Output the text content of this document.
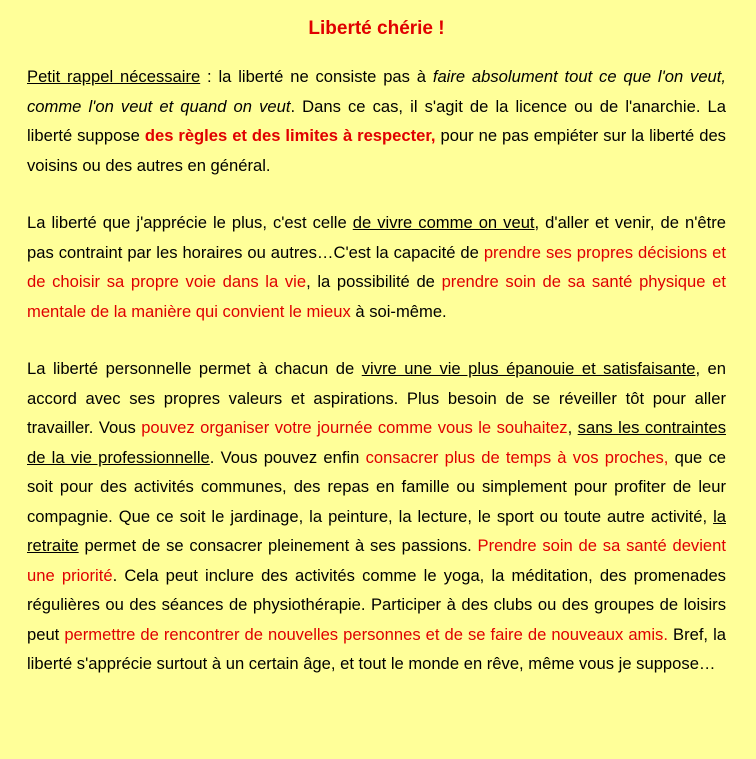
Liberté chérie !

Petit rappel nécessaire : la liberté ne consiste pas à faire absolument tout ce que l'on veut, comme l'on veut et quand on veut. Dans ce cas, il s'agit de la licence ou de l'anarchie. La liberté suppose des règles et des limites à respecter, pour ne pas empiéter sur la liberté des voisins ou des autres en général.

La liberté que j'apprécie le plus, c'est celle de vivre comme on veut, d'aller et venir, de n'être pas contraint par les horaires ou autres…C'est la capacité de prendre ses propres décisions et de choisir sa propre voie dans la vie, la possibilité de prendre soin de sa santé physique et mentale de la manière qui convient le mieux à soi-même.

La liberté personnelle permet à chacun de vivre une vie plus épanouie et satisfaisante, en accord avec ses propres valeurs et aspirations. Plus besoin de se réveiller tôt pour aller travailler. Vous pouvez organiser votre journée comme vous le souhaitez, sans les contraintes de la vie professionnelle. Vous pouvez enfin consacrer plus de temps à vos proches, que ce soit pour des activités communes, des repas en famille ou simplement pour profiter de leur compagnie. Que ce soit le jardinage, la peinture, la lecture, le sport ou toute autre activité, la retraite permet de se consacrer pleinement à ses passions. Prendre soin de sa santé devient une priorité. Cela peut inclure des activités comme le yoga, la méditation, des promenades régulières ou des séances de physiothérapie. Participer à des clubs ou des groupes de loisirs peut permettre de rencontrer de nouvelles personnes et de se faire de nouveaux amis. Bref, la liberté s'apprécie surtout à un certain âge, et tout le monde en rêve, même vous je suppose…
